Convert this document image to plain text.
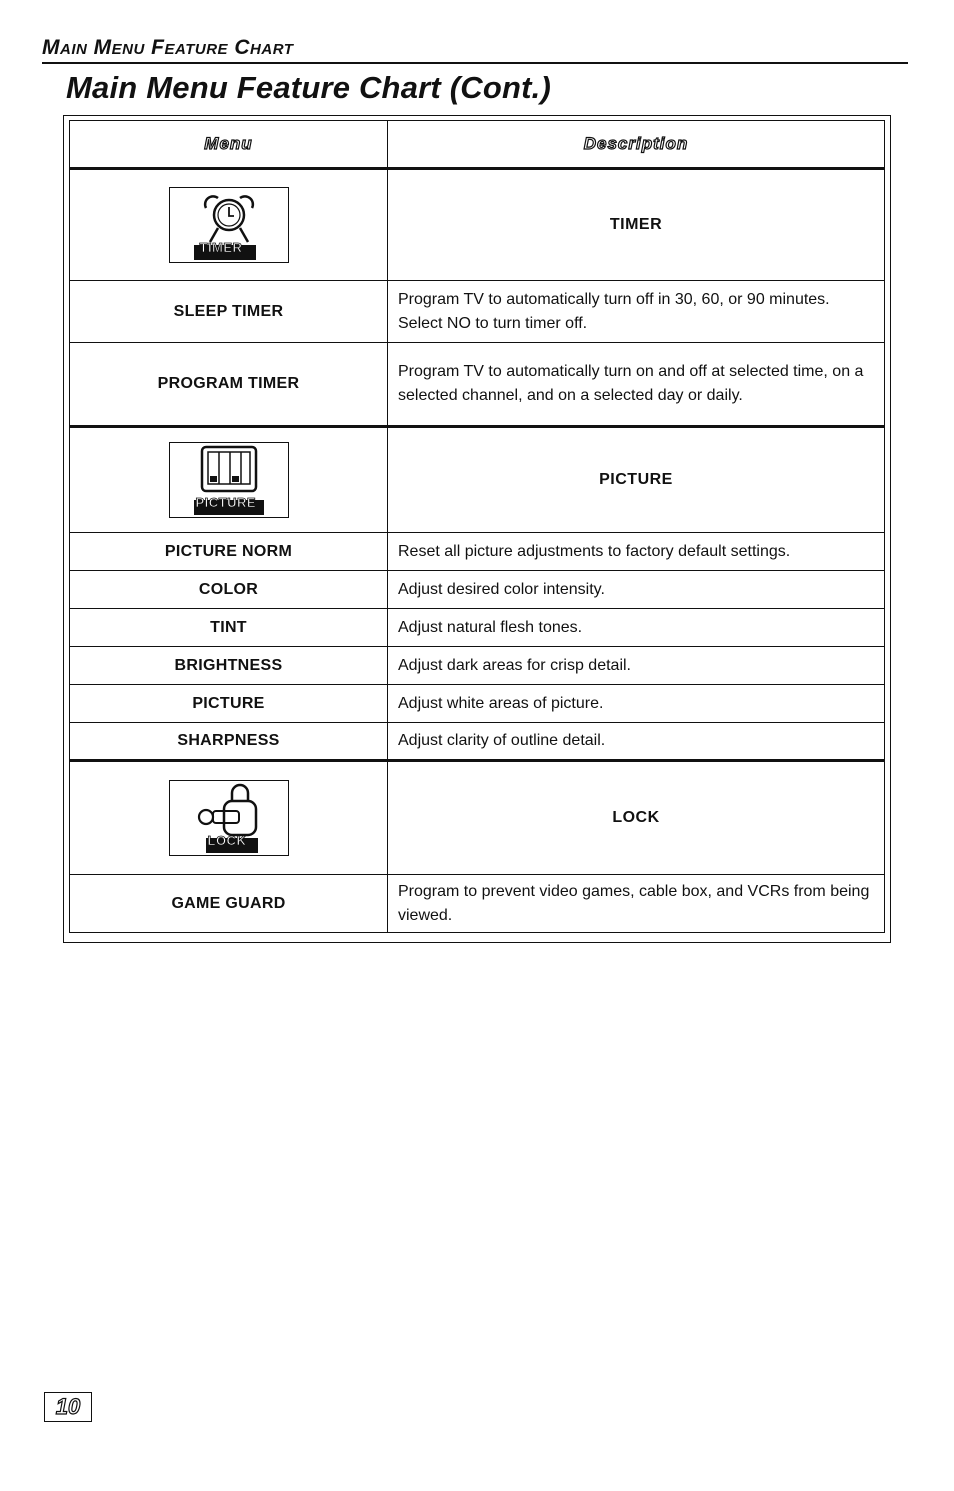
Main Menu Feature Chart
Main Menu Feature Chart (Cont.)
Menu	Description

TIMER	TIMER
SLEEP TIMER	Program TV to automatically turn off in 30, 60, or 90 minutes. Select NO to turn timer off.
PROGRAM TIMER	Program TV to automatically turn on and off at selected time, on a selected channel, and on a selected day or daily.

PICTURE	PICTURE
PICTURE NORM	Reset all picture adjustments to factory default settings.
COLOR	Adjust desired color intensity.
TINT	Adjust natural flesh tones.
BRIGHTNESS	Adjust dark areas for crisp detail.
PICTURE	Adjust white areas of picture.
SHARPNESS	Adjust clarity of outline detail.

LOCK	LOCK
GAME GUARD	Program to prevent video games, cable box, and VCRs from being viewed.
10
